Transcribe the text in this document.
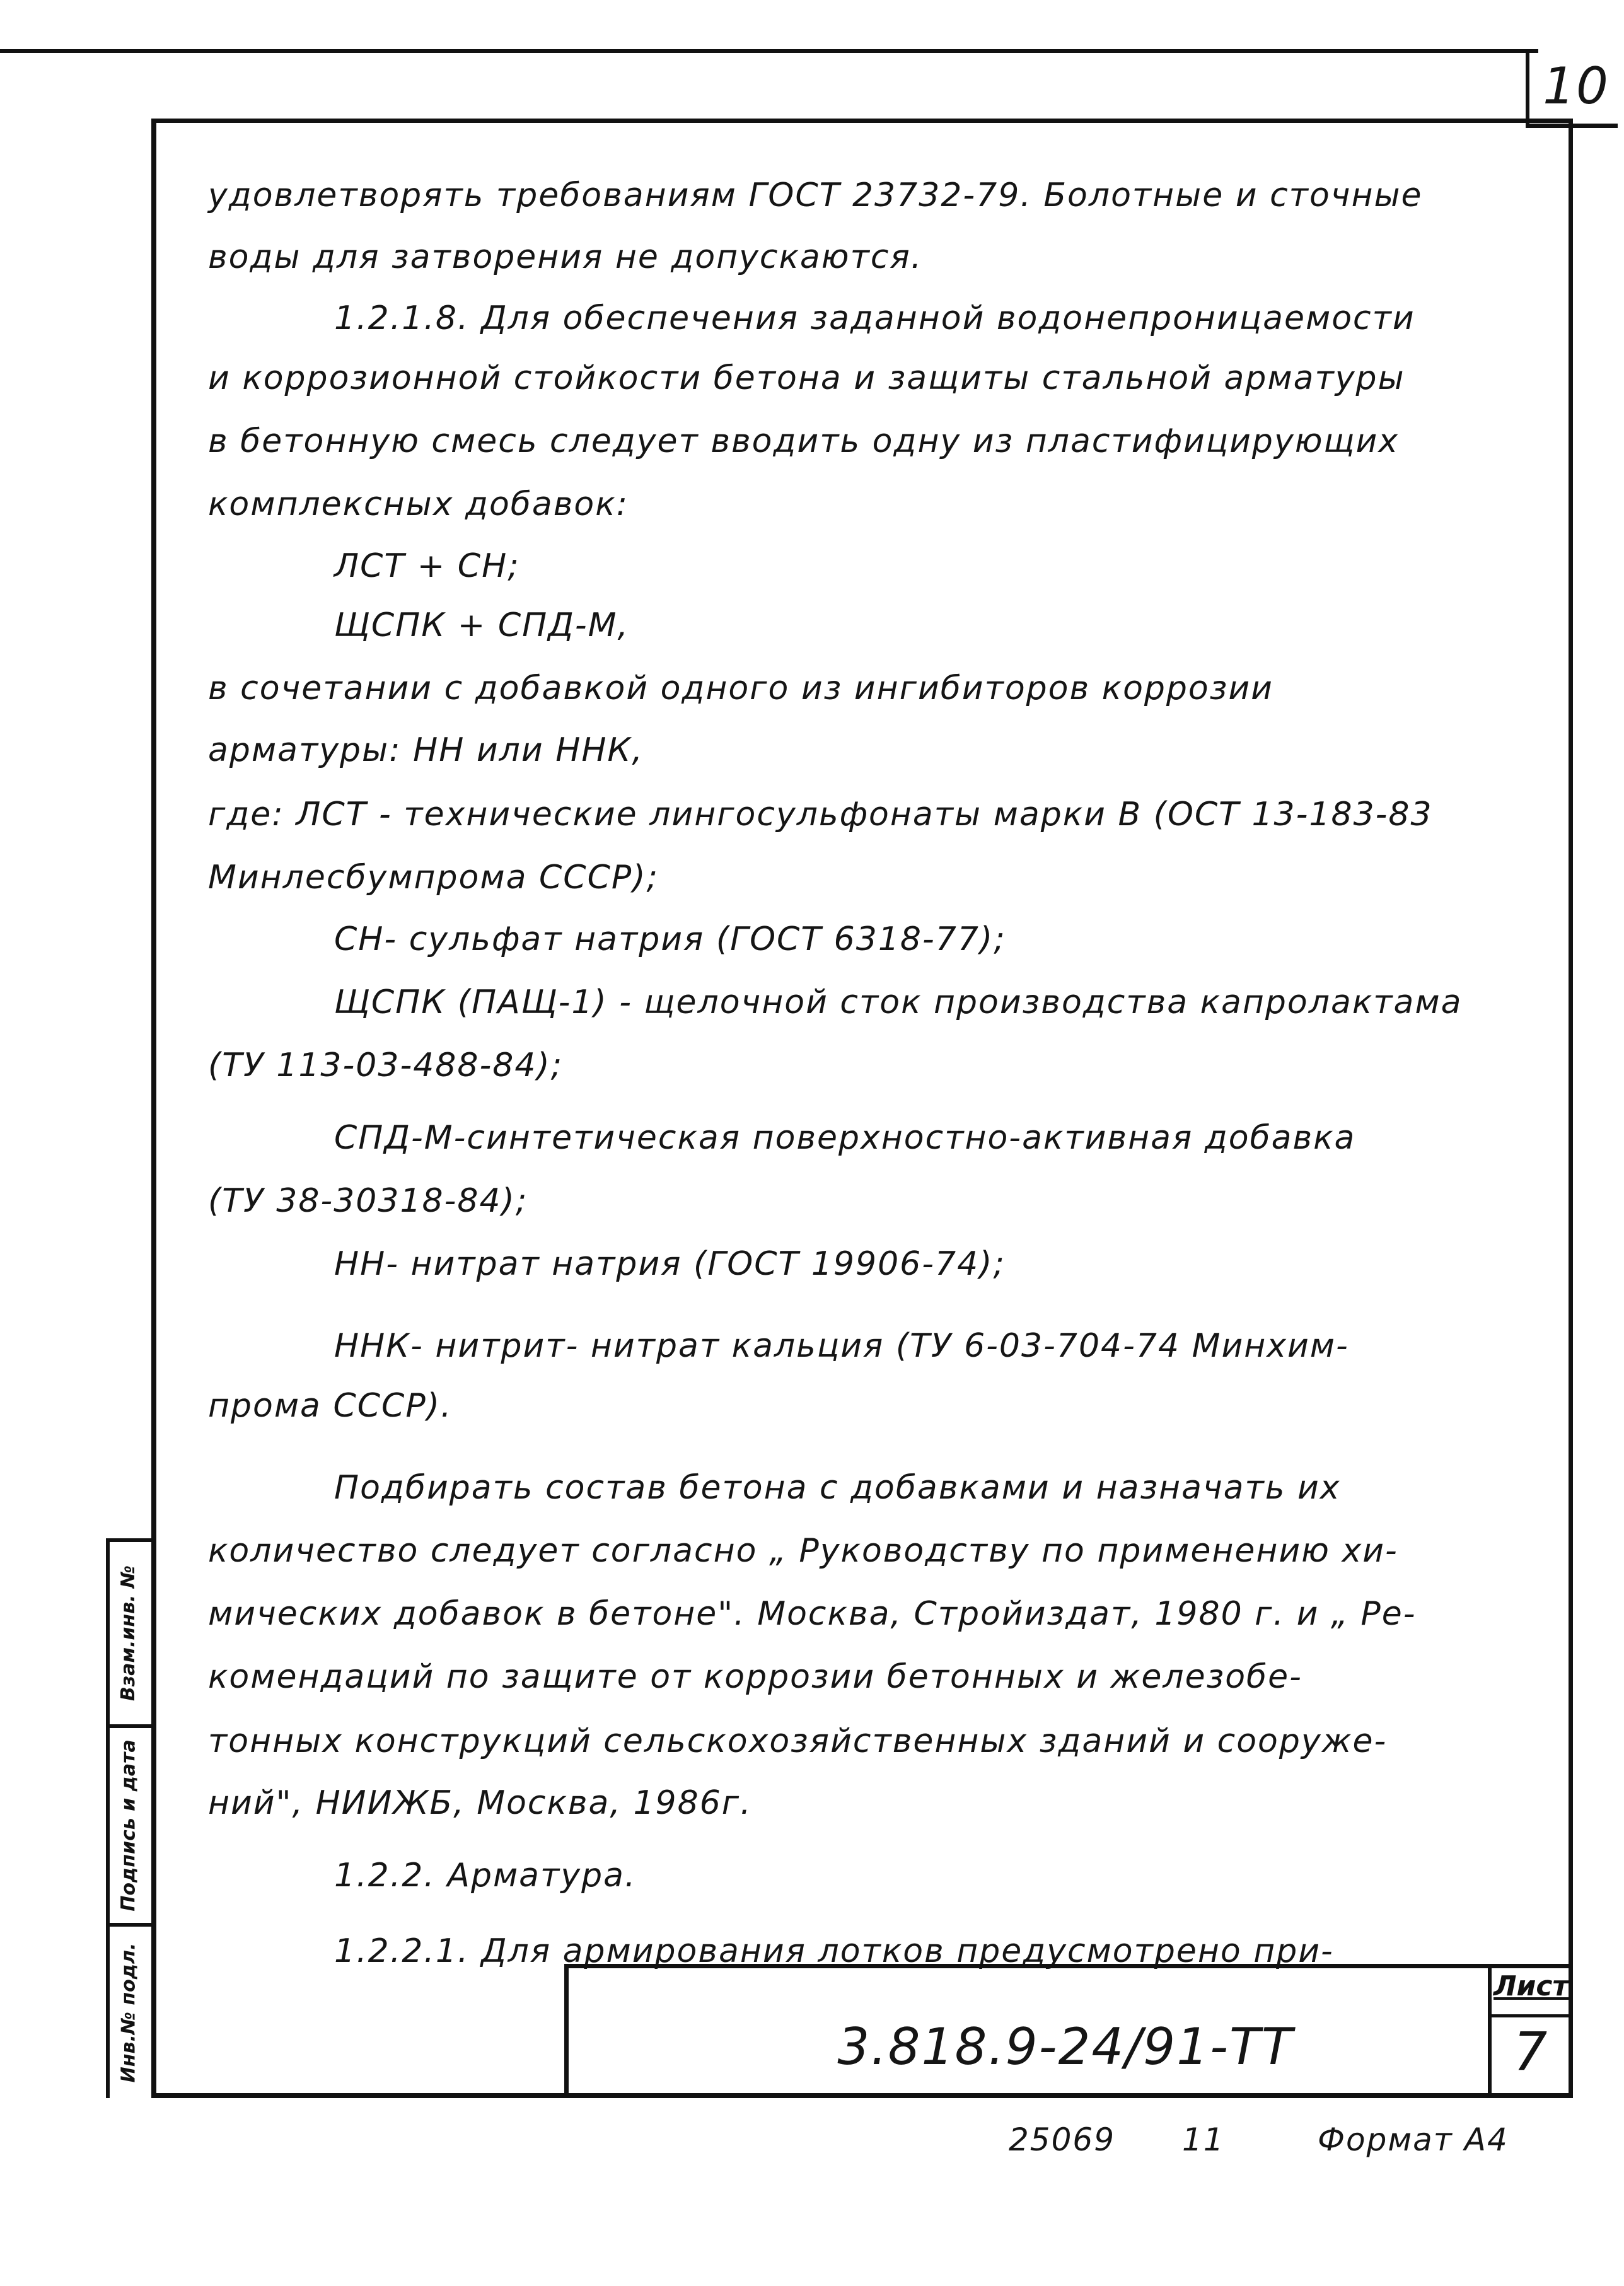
10
Взам.инв. №
Подпись и дата
Инв.№ подл.
удовлетворять требованиям ГОСТ 23732-79. Болотные и сточные
воды для затворения не допускаются.
1.2.1.8. Для обеспечения заданной водонепроницаемости
и коррозионной стойкости бетона и защиты стальной арматуры
в бетонную смесь следует вводить одну из пластифицирующих
комплексных добавок:
ЛСТ + СН;
ЩСПК + СПД-М,
в сочетании с добавкой одного из ингибиторов коррозии
арматуры: НН или ННК,
где: ЛСТ - технические лингосульфонаты марки В (ОСТ 13-183-83
Минлесбумпрома СССР);
СН- сульфат натрия (ГОСТ 6318-77);
ЩСПК (ПАЩ-1) - щелочной сток производства капролактама
(ТУ 113-03-488-84);
СПД-М-синтетическая поверхностно-активная добавка
(ТУ 38-30318-84);
НН- нитрат натрия (ГОСТ 19906-74);
ННК- нитрит- нитрат кальция (ТУ 6-03-704-74 Минхим-
прома СССР).
Подбирать состав бетона с добавками и назначать их
количество следует согласно „ Руководству по применению хи-
мических добавок в бетоне". Москва, Стройиздат, 1980 г. и „ Ре-
комендаций по защите от коррозии бетонных и железобе-
тонных конструкций сельскохозяйственных зданий и сооруже-
ний", НИИЖБ, Москва, 1986г.
1.2.2. Арматура.
1.2.2.1. Для армирования лотков предусмотрено при-
3.818.9-24/91-ТТ
Лист
7
25069 11	Формат А4
